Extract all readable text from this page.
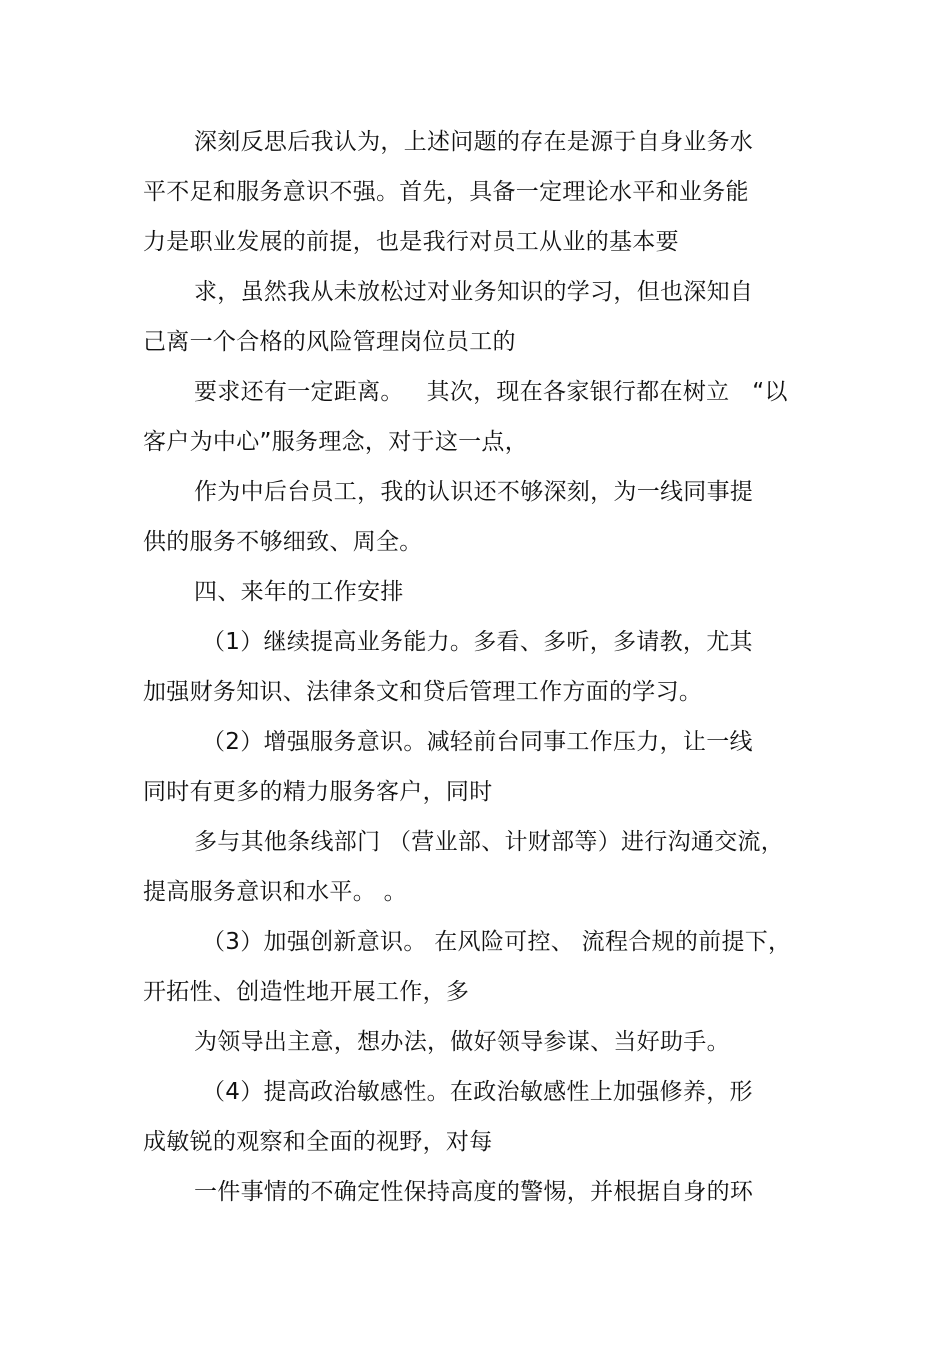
深刻反思后我认为，上述问题的存在是源于自身业务水
平不足和服务意识不强。首先，具备一定理论水平和业务能
力是职业发展的前提，也是我行对员工从业的基本要
求，虽然我从未放松过对业务知识的学习，但也深知自
己离一个合格的风险管理岗位员工的
要求还有一定距离。   其次，现在各家银行都在树立   “以
客户为中心”服务理念，对于这一点，
作为中后台员工，我的认识还不够深刻，为一线同事提
供的服务不够细致、周全。
四、来年的工作安排
（1）继续提高业务能力。多看、多听，多请教，尤其
加强财务知识、法律条文和贷后管理工作方面的学习。
（2）增强服务意识。减轻前台同事工作压力，让一线
同时有更多的精力服务客户，同时
多与其他条线部门 （营业部、计财部等）进行沟通交流，
提高服务意识和水平。 。
（3）加强创新意识。 在风险可控、 流程合规的前提下，
开拓性、创造性地开展工作，多
为领导出主意，想办法，做好领导参谋、当好助手。
（4）提高政治敏感性。在政治敏感性上加强修养，形
成敏锐的观察和全面的视野，对每
一件事情的不确定性保持高度的警惕，并根据自身的环
